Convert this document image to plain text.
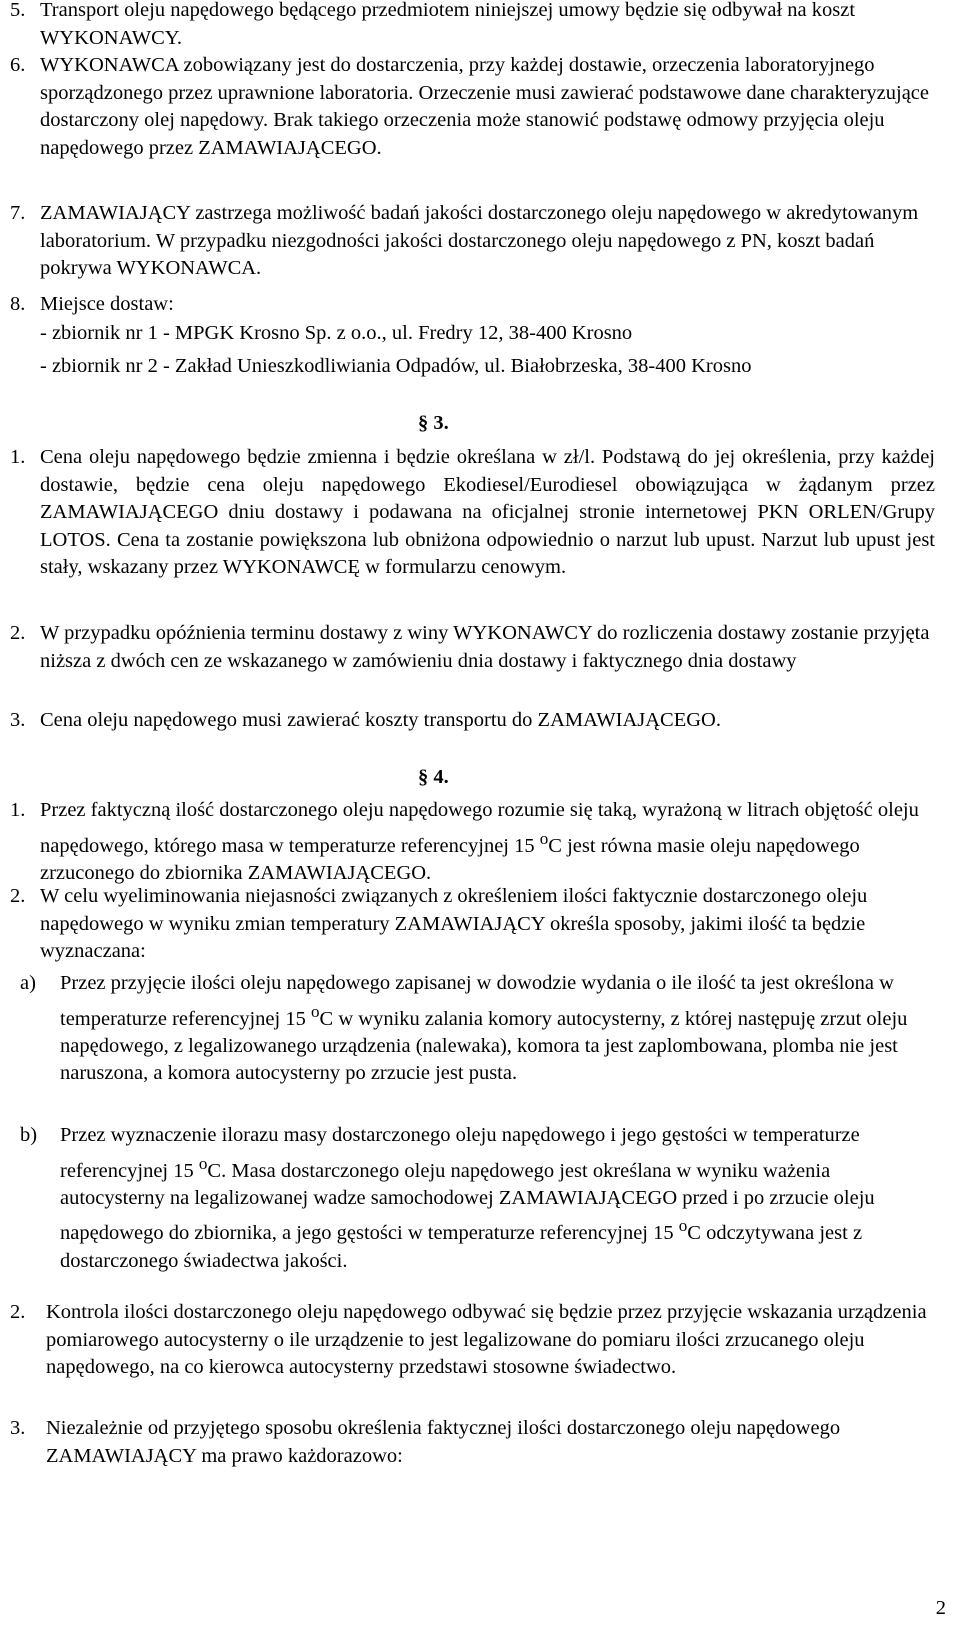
5. Transport oleju napędowego będącego przedmiotem niniejszej umowy będzie się odbywał na koszt WYKONAWCY.

6. WYKONAWCA zobowiązany jest do dostarczenia, przy każdej dostawie, orzeczenia laboratoryjnego sporządzonego przez uprawnione laboratoria. Orzeczenie musi zawierać podstawowe dane charakteryzujące dostarczony olej napędowy. Brak takiego orzeczenia może stanowić podstawę odmowy przyjęcia oleju napędowego przez ZAMAWIAJĄCEGO.

7. ZAMAWIAJĄCY zastrzega możliwość badań jakości dostarczonego oleju napędowego w akredytowanym laboratorium. W przypadku niezgodności jakości dostarczonego oleju napędowego z PN, koszt badań pokrywa WYKONAWCA.

8. Miejsce dostaw:

- zbiornik nr 1 - MPGK Krosno Sp. z o.o., ul. Fredry 12, 38-400 Krosno
- zbiornik nr 2 - Zakład Unieszkodliwiania Odpadów, ul. Białobrzeska, 38-400 Krosno
§ 3.

1. Cena oleju napędowego będzie zmienna i będzie określana w zł/l. Podstawą do jej określenia, przy każdej dostawie, będzie cena oleju napędowego Ekodiesel/Eurodiesel obowiązująca w żądanym przez ZAMAWIAJĄCEGO dniu dostawy i podawana na oficjalnej stronie internetowej PKN ORLEN/Grupy LOTOS. Cena ta zostanie powiększona lub obniżona odpowiednio o narzut lub upust. Narzut lub upust jest stały, wskazany przez WYKONAWCĘ w formularzu cenowym.

2. W przypadku opóźnienia terminu dostawy z winy WYKONAWCY do rozliczenia dostawy zostanie przyjęta niższa z dwóch cen ze wskazanego w zamówieniu dnia dostawy i faktycznego dnia dostawy

3. Cena oleju napędowego musi zawierać koszty transportu do ZAMAWIAJĄCEGO.

§ 4.

1. Przez faktyczną ilość dostarczonego oleju napędowego rozumie się taką, wyrażoną w litrach objętość oleju napędowego, którego masa w temperaturze referencyjnej 15 $^o$C jest równa masie oleju napędowego zrzuconego do zbiornika ZAMAWIAJĄCEGO.

2. W celu wyeliminowania niejasności związanych z określeniem ilości faktycznie dostarczonego oleju napędowego w wyniku zmian temperatury ZAMAWIAJĄCY określa sposoby, jakimi ilość ta będzie wyznaczana:

a) Przez przyjęcie ilości oleju napędowego zapisanej w dowodzie wydania o ile ilość ta jest określona w temperaturze referencyjnej 15 $^o$C w wyniku zalania komory autocysterny, z której następuję zrzut oleju napędowego, z legalizowanego urządzenia (nalewaka), komora ta jest zaplombowana, plomba nie jest naruszona, a komora autocysterny po zrzucie jest pusta.

b) Przez wyznaczenie ilorazu masy dostarczonego oleju napędowego i jego gęstości w temperaturze referencyjnej 15 $^o$C. Masa dostarczonego oleju napędowego jest określana w wyniku ważenia autocysterny na legalizowanej wadze samochodowej ZAMAWIAJĄCEGO przed i po zrzucie oleju napędowego do zbiornika, a jego gęstości w temperaturze referencyjnej 15 $^o$C odczytywana jest z dostarczonego świadectwa jakości.

2. Kontrola ilości dostarczonego oleju napędowego odbywać się będzie przez przyjęcie wskazania urządzenia pomiarowego autocysterny o ile urządzenie to jest legalizowane do pomiaru ilości zrzucanego oleju napędowego, na co kierowca autocysterny przedstawi stosowne świadectwo.

3. Niezależnie od przyjętego sposobu określenia faktycznej ilości dostarczonego oleju napędowego ZAMAWIAJĄCY ma prawo każdorazowo:

2
